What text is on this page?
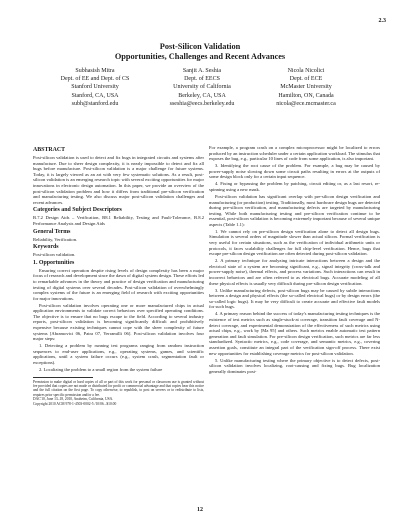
2.3
Post-Silicon Validation
Opportunities, Challenges and Recent Advances
Subhasish Mitra
Dept. of EE and Dept. of CS
Stanford University
Stanford, CA, USA
subh@stanford.edu
Sanjit A. Seshia
Dept. of EECS
University of California
Berkeley, CA, USA
sseshia@eecs.berkeley.edu
Nicola Nicolici
Dept. of ECE
McMaster University
Hamilton, ON, Canada
nicola@ece.mcmaster.ca
ABSTRACT
Post-silicon validation is used to detect and fix bugs in integrated circuits and systems after manufacture. Due to sheer design complexity, it is nearly impossible to detect and fix all bugs before manufacture. Post-silicon validation is a major challenge for future systems. Today, it is largely viewed as an art with very few systematic solutions. As a result, post-silicon validation is an emerging research topic with several exciting opportunities for major innovations in electronic design automation. In this paper, we provide an overview of the post-silicon validation problem and how it differs from traditional pre-silicon verification and manufacturing testing. We also discuss major post-silicon validation challenges and recent advances.
Categories and Subject Descriptors
B.7.2 Design Aids – Verification, B8.1 Reliability, Testing and Fault-Tolerance, B.8.2 Performance Analysis and Design Aids
General Terms
Reliability, Verification.
Keywords
Post-silicon validation.
1. Opportunities
Ensuring correct operation despite rising levels of design complexity has been a major focus of research and development since the dawn of digital system design. These efforts led to remarkable advances in the theory and practice of design verification and manufacturing testing of digital systems over several decades. Post-silicon validation of overwhelmingly complex systems of the future is an emerging field of research with exciting opportunities for major innovations.
Post-silicon validation involves operating one or more manufactured chips in actual application environments to validate correct behaviors over specified operating conditions. The objective is to ensure that no bugs escape to the field. According to several industry reports, post-silicon validation is becoming significantly difficult and prohibitively expensive because existing techniques cannot cope with the sheer complexity of future systems [Abramovici 06, Patra 07, Yerramilli 06]. Post-silicon validation involves four major steps:
1. Detecting a problem by running test programs ranging from random instruction sequences to end-user applications, e.g., operating systems, games, and scientific applications, until a system failure occurs (e.g., system crash, segmentation fault or exceptions).
2. Localizing the problem to a small region from the system failure
Permission to make digital or hard copies of all or part of this work for personal or classroom use is granted without fee provided that copies are not made or distributed for profit or commercial advantage and that copies bear this notice and the full citation on the first page. To copy otherwise, to republish, to post on servers or to redistribute to lists, requires prior specific permission and/or a fee.
DAC'10, June 13–18, 2010, Anaheim, California, USA.
Copyright 2010 ACM 978-1-4503-0002-5 /10/06...$10.00
For example, a program crash on a complex microprocessor might be localized to errors produced by an instruction scheduler under a certain application workload. The stimulus that exposes the bug, e.g., particular 10 lines of code from some application, is also important.
3. Identifying the root cause of the problem. For example, a bug may be caused by power-supply noise slowing down some circuit paths resulting in errors at the outputs of some design block only for a certain input sequence.
4. Fixing or bypassing the problem by patching, circuit editing or, as a last resort, re-spinning using a new mask.
Post-silicon validation has significant overlap with pre-silicon design verification and manufacturing (or production) testing. Traditionally, most hardware design bugs are detected during pre-silicon verification, and manufacturing defects are targeted by manufacturing testing. While both manufacturing testing and pre-silicon verification continue to be essential, post-silicon validation is becoming extremely important because of several unique aspects (Table 1.1):
1. We cannot rely on pre-silicon design verification alone to detect all design bugs. Simulation is several orders of magnitude slower than actual silicon. Formal verification is very useful for certain situations, such as the verification of individual arithmetic units or protocols, it faces scalability challenges for full chip-level verification. Hence, bugs that escape pre-silicon design verification are often detected during post-silicon validation.
2. A primary technique for analyzing intricate interactions between a design and the electrical state of a system are becoming significant, e.g., signal integrity (cross-talk and power-supply noise), thermal effects, and process variations. Such interactions can result in incorrect behaviors and are often referred to as electrical bugs. Accurate modeling of all these physical effects is usually very difficult during pre-silicon design verification.
3. Unlike manufacturing defects, post-silicon bugs may be caused by subtle interactions between a design and physical effects (the so-called electrical bugs) or by design errors (the so-called logic bugs). It may be very difficult to create accurate and effective fault models for such bugs.
4. A primary reason behind the success of today's manufacturing testing techniques is the existence of test metrics such as single-stuck-at coverage, transition fault coverage and N-detect coverage, and experimental demonstration of the effectiveness of such metrics using actual chips, e.g., work by [Ma 95] and others. Such metrics enable automatic test pattern generation and fault simulation. For pre-silicon design verification, such metrics are far less standardized. Syntactic metrics, e.g., code coverage, and semantic metrics, e.g., covering assertion goals, constitute an integral part of the verification sign-off process. There exist new opportunities for establishing coverage metrics for post-silicon validation.
5. Unlike manufacturing testing where the primary objective is to detect defects, post-silicon validation involves localizing, root-causing and fixing bugs. Bug localization generally dominates post-
12
